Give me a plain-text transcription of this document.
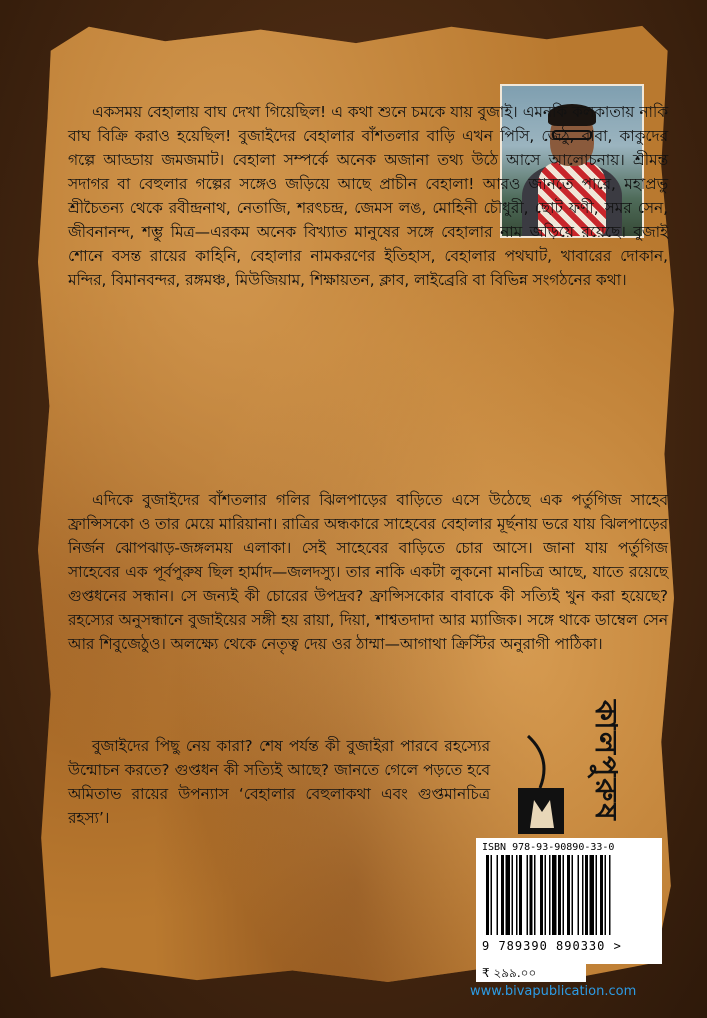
একসময় বেহালায় বাঘ দেখা গিয়েছিল! এ কথা শুনে চমকে যায় বুজাই। এমনকি কলকাতায় নাকি বাঘ বিক্রি করাও হয়েছিল! বুজাইদের বেহালার বাঁশতলার বাড়ি এখন পিসি, জেঠু, বাবা, কাকুদের গল্পে আড্ডায় জমজমাট। বেহালা সম্পর্কে অনেক অজানা তথ্য উঠে আসে আলোচনায়। শ্রীমন্ত সদাগর বা বেহুলার গল্পের সঙ্গেও জড়িয়ে আছে প্রাচীন বেহালা! আরও জানতে পারে, মহাপ্রভু শ্রীচৈতন্য থেকে রবীন্দ্রনাথ, নেতাজি, শরৎচন্দ্র, জেমস লঙ, মোহিনী চৌধুরী, ছোট ফণী, সমর সেন, জীবনানন্দ, শম্ভু মিত্র—এরকম অনেক বিখ্যাত মানুষের সঙ্গে বেহালার নাম জড়িয়ে রয়েছে। বুজাই শোনে বসন্ত রায়ের কাহিনি, বেহালার নামকরণের ইতিহাস, বেহালার পথঘাট, খাবারের দোকান, মন্দির, বিমানবন্দর, রঙ্গমঞ্চ, মিউজিয়াম, শিক্ষায়তন, ক্লাব, লাইব্রেরি বা বিভিন্ন সংগঠনের কথা।

এদিকে বুজাইদের বাঁশতলার গলির ঝিলপাড়ের বাড়িতে এসে উঠেছে এক পর্তুগিজ সাহেব ফ্রান্সিসকো ও তার মেয়ে মারিয়ানা। রাত্রির অন্ধকারে সাহেবের বেহালার মূর্ছনায় ভরে যায় ঝিলপাড়ের নির্জন ঝোপঝাড়-জঙ্গলময় এলাকা। সেই সাহেবের বাড়িতে চোর আসে। জানা যায় পর্তুগিজ সাহেবের এক পূর্বপুরুষ ছিল হার্মাদ—জলদস্যু। তার নাকি একটা লুকনো মানচিত্র আছে, যাতে রয়েছে গুপ্তধনের সন্ধান। সে জন্যই কী চোরের উপদ্রব? ফ্রান্সিসকোর বাবাকে কী সত্যিই খুন করা হয়েছে? রহস্যের অনুসন্ধানে বুজাইয়ের সঙ্গী হয় রায়া, দিয়া, শাশ্বতদাদা আর ম্যাজিক। সঙ্গে থাকে ডাম্বেল সেন আর শিবুজেঠুও। অলক্ষ্যে থেকে নেতৃত্ব দেয় ওর ঠাম্মা—আগাথা ক্রিস্টির অনুরাগী পাঠিকা।

বুজাইদের পিছু নেয় কারা? শেষ পর্যন্ত কী বুজাইরা পারবে রহস্যের উন্মোচন করতে? গুপ্তধন কী সত্যিই আছে? জানতে গেলে পড়তে হবে অমিতাভ রায়ের উপন্যাস ‘বেহালার বেহুলাকথা এবং গুপ্তমানচিত্র রহস্য’।	কালপুরুষ
ISBN 978-93-90890-33-0
9 789390 890330 >
₹ ২৯৯.০০
www.bivapublication.com
